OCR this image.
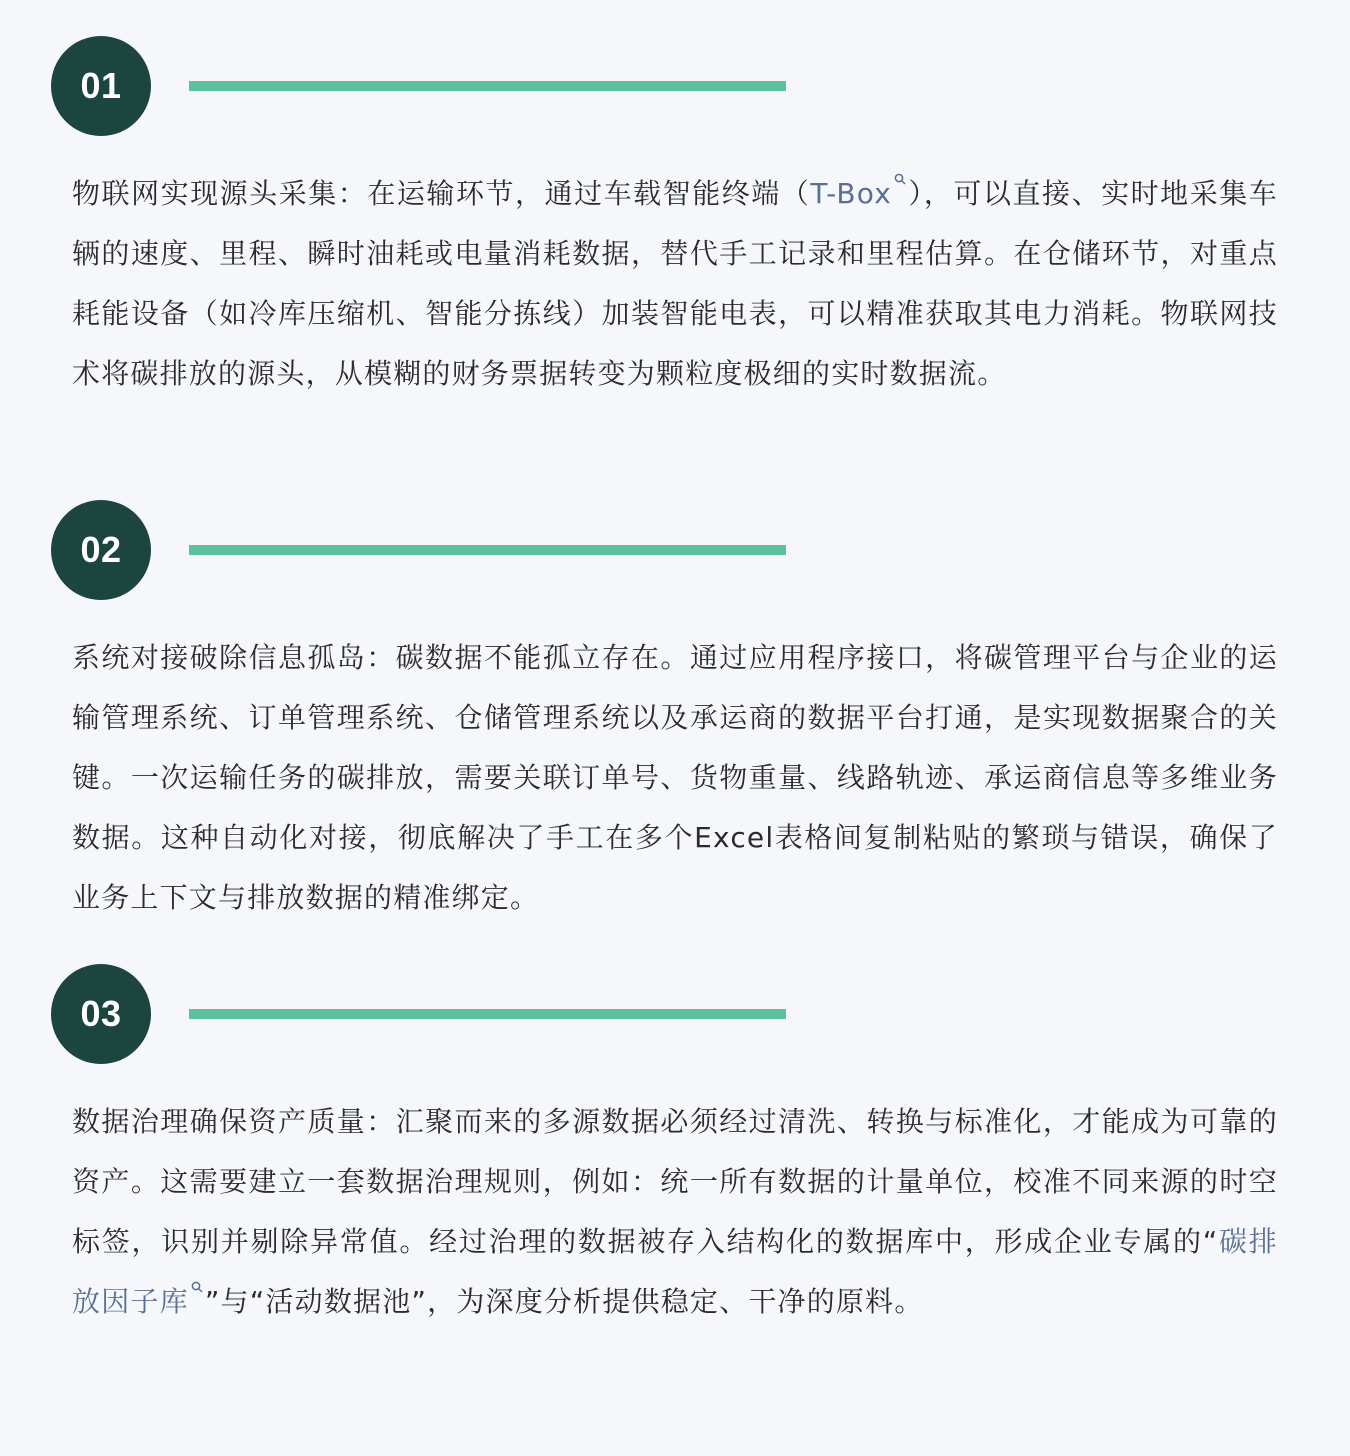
01

物联网实现源头采集：在运输环节，通过车载智能终端（T-Box ），可以直接、实时地采集车辆的速度、里程、瞬时油耗或电量消耗数据，替代手工记录和里程估算。在仓储环节，对重点耗能设备（如冷库压缩机、智能分拣线）加装智能电表，可以精准获取其电力消耗。物联网技术将碳排放的源头，从模糊的财务票据转变为颗粒度极细的实时数据流。

02

系统对接破除信息孤岛：碳数据不能孤立存在。通过应用程序接口，将碳管理平台与企业的运输管理系统、订单管理系统、仓储管理系统以及承运商的数据平台打通，是实现数据聚合的关键。一次运输任务的碳排放，需要关联订单号、货物重量、线路轨迹、承运商信息等多维业务数据。这种自动化对接，彻底解决了手工在多个Excel表格间复制粘贴的繁琐与错误，确保了业务上下文与排放数据的精准绑定。

03

数据治理确保资产质量：汇聚而来的多源数据必须经过清洗、转换与标准化，才能成为可靠的资产。这需要建立一套数据治理规则，例如：统一所有数据的计量单位，校准不同来源的时空标签，识别并剔除异常值。经过治理的数据被存入结构化的数据库中，形成企业专属的“碳排放因子库 ”与“活动数据池”，为深度分析提供稳定、干净的原料。
